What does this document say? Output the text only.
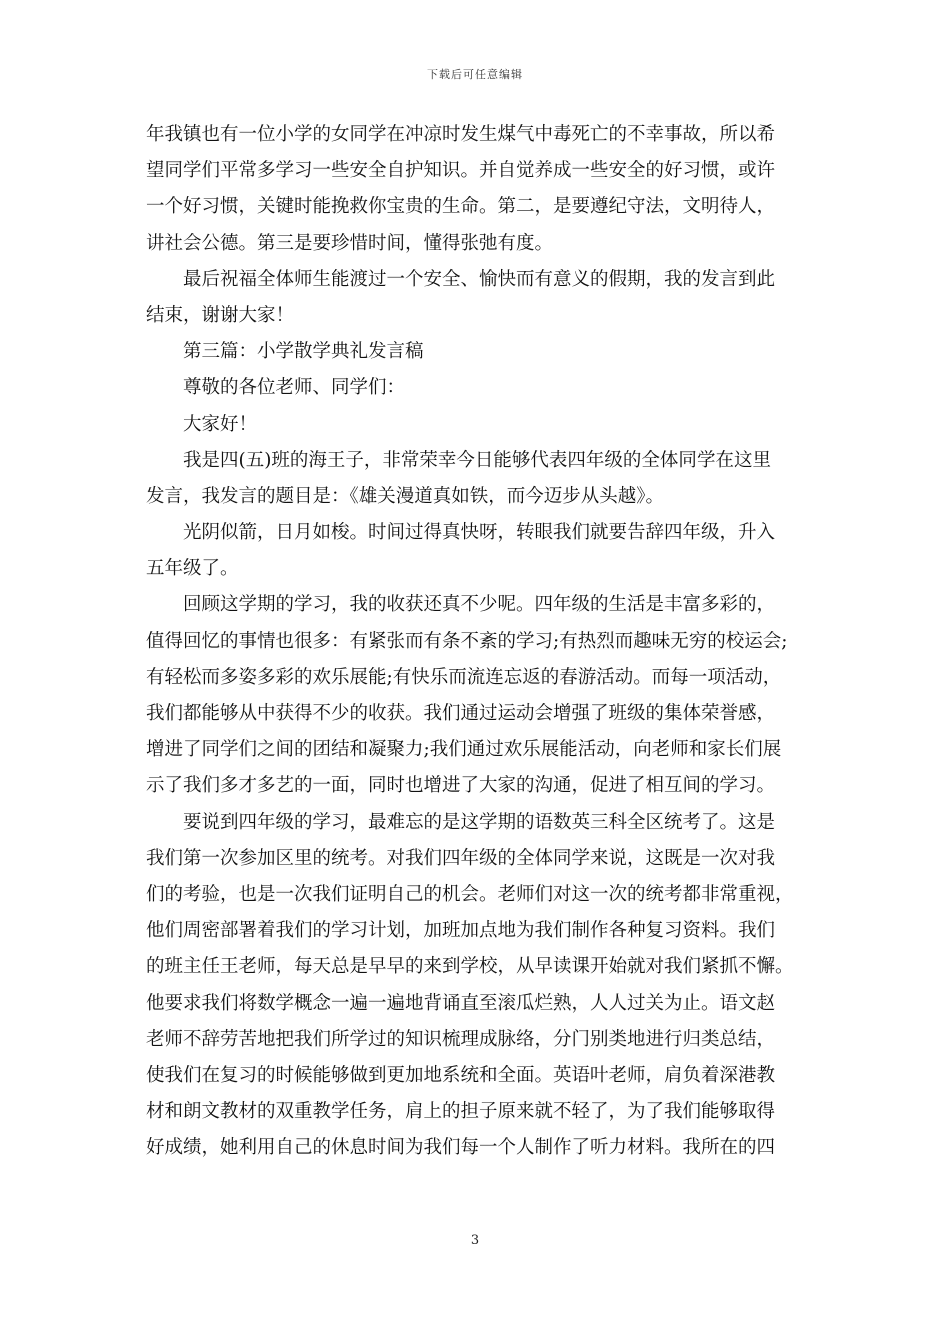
下载后可任意编辑
年我镇也有一位小学的女同学在冲凉时发生煤气中毒死亡的不幸事故，所以希
望同学们平常多学习一些安全自护知识。并自觉养成一些安全的好习惯，或许
一个好习惯，关键时能挽救你宝贵的生命。第二，是要遵纪守法，文明待人，
讲社会公德。第三是要珍惜时间，懂得张弛有度。
最后祝福全体师生能渡过一个安全、愉快而有意义的假期，我的发言到此
结束，谢谢大家！
第三篇：小学散学典礼发言稿
尊敬的各位老师、同学们：
大家好！
我是四(五)班的海王子，非常荣幸今日能够代表四年级的全体同学在这里
发言，我发言的题目是：《雄关漫道真如铁，而今迈步从头越》。
光阴似箭，日月如梭。时间过得真快呀，转眼我们就要告辞四年级，升入
五年级了。
回顾这学期的学习，我的收获还真不少呢。四年级的生活是丰富多彩的，
值得回忆的事情也很多：有紧张而有条不紊的学习;有热烈而趣味无穷的校运会;
有轻松而多姿多彩的欢乐展能;有快乐而流连忘返的春游活动。而每一项活动，
我们都能够从中获得不少的收获。我们通过运动会增强了班级的集体荣誉感，
增进了同学们之间的团结和凝聚力;我们通过欢乐展能活动，向老师和家长们展
示了我们多才多艺的一面，同时也增进了大家的沟通，促进了相互间的学习。
要说到四年级的学习，最难忘的是这学期的语数英三科全区统考了。这是
我们第一次参加区里的统考。对我们四年级的全体同学来说，这既是一次对我
们的考验，也是一次我们证明自己的机会。老师们对这一次的统考都非常重视，
他们周密部署着我们的学习计划，加班加点地为我们制作各种复习资料。我们
的班主任王老师，每天总是早早的来到学校，从早读课开始就对我们紧抓不懈。
他要求我们将数学概念一遍一遍地背诵直至滚瓜烂熟，人人过关为止。语文赵
老师不辞劳苦地把我们所学过的知识梳理成脉络，分门别类地进行归类总结，
使我们在复习的时候能够做到更加地系统和全面。英语叶老师，肩负着深港教
材和朗文教材的双重教学任务，肩上的担子原来就不轻了，为了我们能够取得
好成绩，她利用自己的休息时间为我们每一个人制作了听力材料。我所在的四
3
